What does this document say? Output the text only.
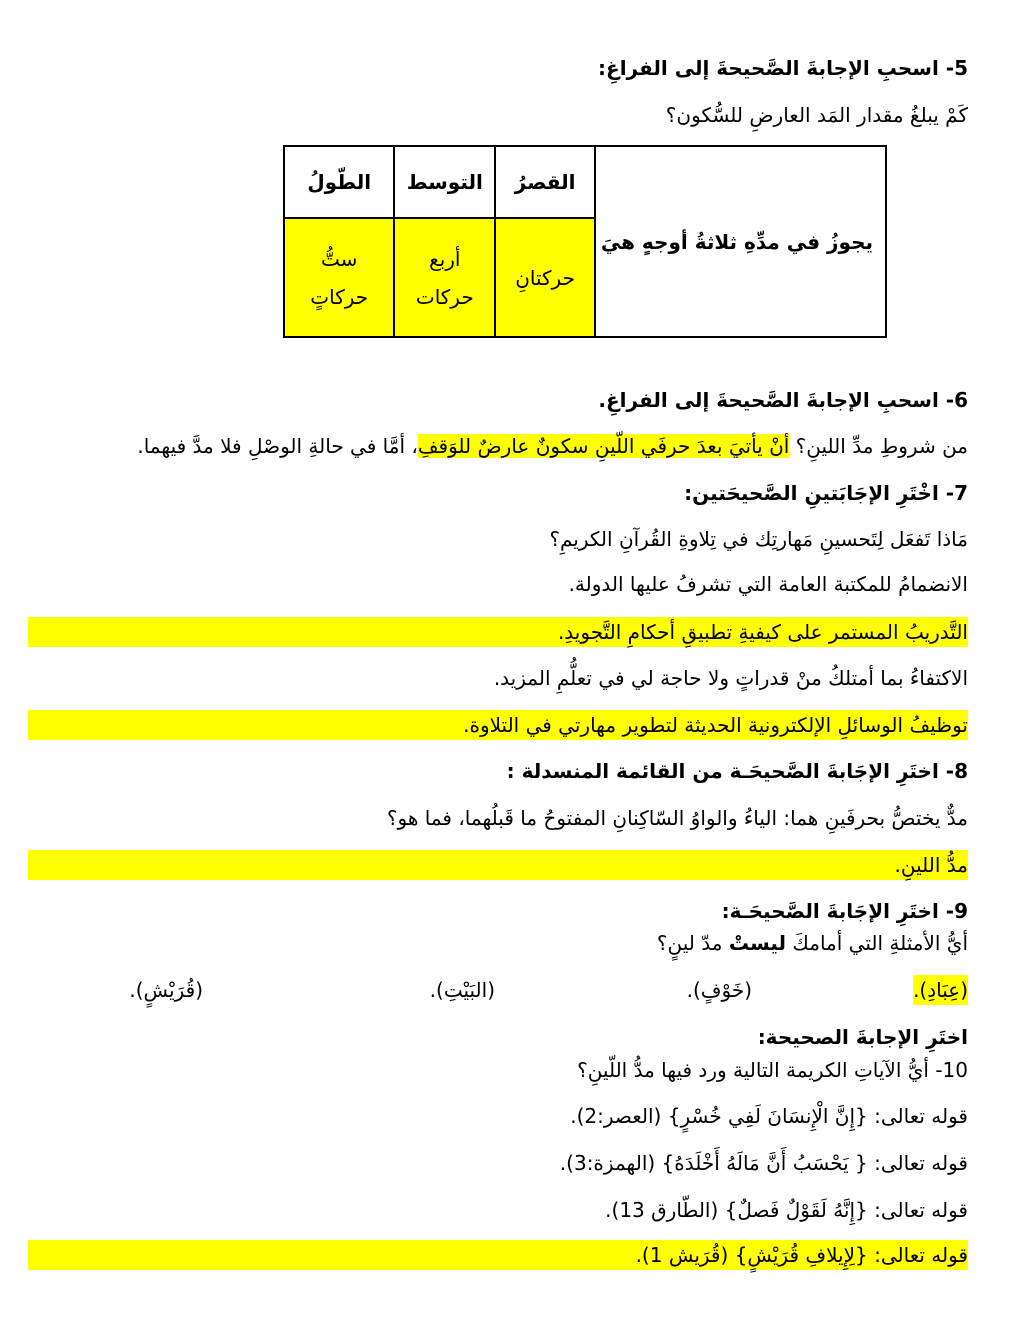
5- اسحبِ الإجابةَ الصَّحيحةَ إلى الفراغِ:
كَمْ يبلغُ مقدار المَد العارضِ للسُّكون؟
يجوزُ في مدِّهِ ثلاثةُ أوجهٍ هيَ	القصرُ	التوسط	الطّولُ
	حركتانِ	أربع حركات	ستُّ حركاتٍ
6- اسحبِ الإجابةَ الصَّحيحةَ إلى الفراغِ.
من شروطِ مدِّ اللينِ؟ أنْ يأتيَ بعدَ حرفَي اللّينِ سكونٌ عارضٌ للوَقفِ، أمَّا في حالةِ الوصْلِ فلا مدَّ فيهما.
7- اخْتَرِ الإجَابَتينِ الصَّحيحَتين:
مَاذا تَفعَل لِتَحسينِ مَهارتِك في تِلاوةِ القُرآنِ الكريمِ؟
الانضمامُ للمكتبة العامة التي تشرفُ عليها الدولة.
التَّدريبُ المستمر على كيفيةِ تطبيقِ أحكامِ التَّجويدِ.
الاكتفاءُ بما أمتلكُ منْ قدراتٍ ولا حاجة لي في تعلُّمِ المزيد.
توظيفُ الوسائلِ الإلكترونية الحديثة لتطوير مهارتي في التلاوة.
8- اختَرِ الإجَابةَ الصَّحيحَـة من القائمة المنسدلة :
مدٌّ يختصُّ بحرفَينِ هما: الياءُ والواوُ السّاكِنانِ المفتوحُ ما قَبلُهما، فما هو؟
مدُّ اللينِ.
9- اختَرِ الإجَابةَ الصَّحيحَـة:
أيُّ الأمثلةِ التي أمامكَ ليستْ مدّ لينٍ؟
(عِبَادِ).
(خَوْفٍ).
(البَيْتِ).
(قُرَيْشٍ).
اختَرِ الإجابةَ الصحيحة:
10- أيُّ الآياتِ الكريمة التالية ورد فيها مدُّ اللّينِ؟
قوله تعالى: {إِنَّ الْإِنسَانَ لَفِي خُسْرٍ} (العصر:2).
قوله تعالى: { يَحْسَبُ أَنَّ مَالَهُ أَخْلَدَهُ} (الهمزة:3).
قوله تعالى: {إِنَّهُ لَقَوْلٌ فَصلٌ} (الطّارق 13).
قوله تعالى: {لِإِيلافِ قُرَيْشٍ} (قُرَيش 1).
